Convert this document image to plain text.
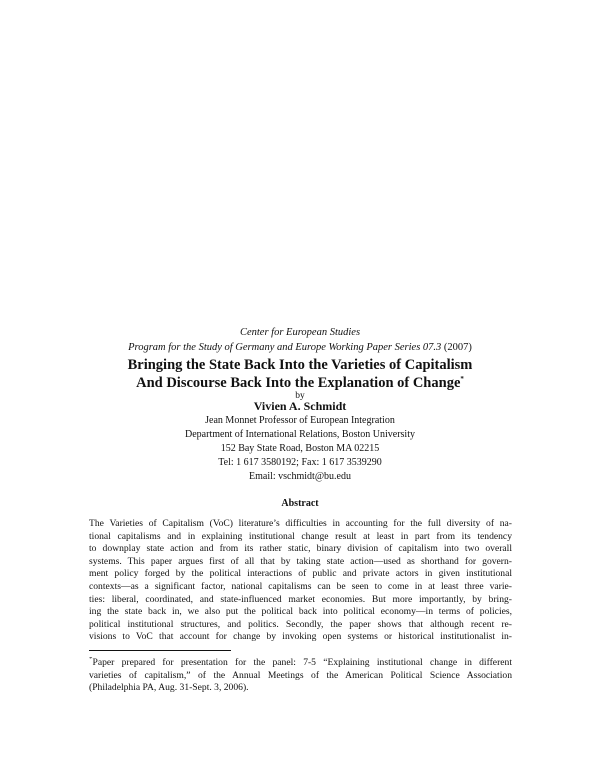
Center for European Studies
Program for the Study of Germany and Europe Working Paper Series 07.3 (2007)
Bringing the State Back Into the Varieties of Capitalism
And Discourse Back Into the Explanation of Change*
by
Vivien A. Schmidt
Jean Monnet Professor of European Integration
Department of International Relations, Boston University
152 Bay State Road, Boston MA 02215
Tel: 1 617 3580192; Fax: 1 617 3539290
Email: vschmidt@bu.edu
Abstract
The Varieties of Capitalism (VoC) literature’s difficulties in accounting for the full diversity of na-
tional capitalisms and in explaining institutional change result at least in part from its tendency
to downplay state action and from its rather static, binary division of capitalism into two overall
systems. This paper argues first of all that by taking state action—used as shorthand for govern-
ment policy forged by the political interactions of public and private actors in given institutional
contexts—as a significant factor, national capitalisms can be seen to come in at least three varie-
ties: liberal, coordinated, and state-influenced market economies. But more importantly, by bring-
ing the state back in, we also put the political back into political economy—in terms of policies,
political institutional structures, and politics. Secondly, the paper shows that although recent re-
visions to VoC that account for change by invoking open systems or historical institutionalist in-
*Paper prepared for presentation for the panel: 7-5 “Explaining institutional change in different
varieties of capitalism,” of the Annual Meetings of the American Political Science Association
(Philadelphia PA, Aug. 31-Sept. 3, 2006).
